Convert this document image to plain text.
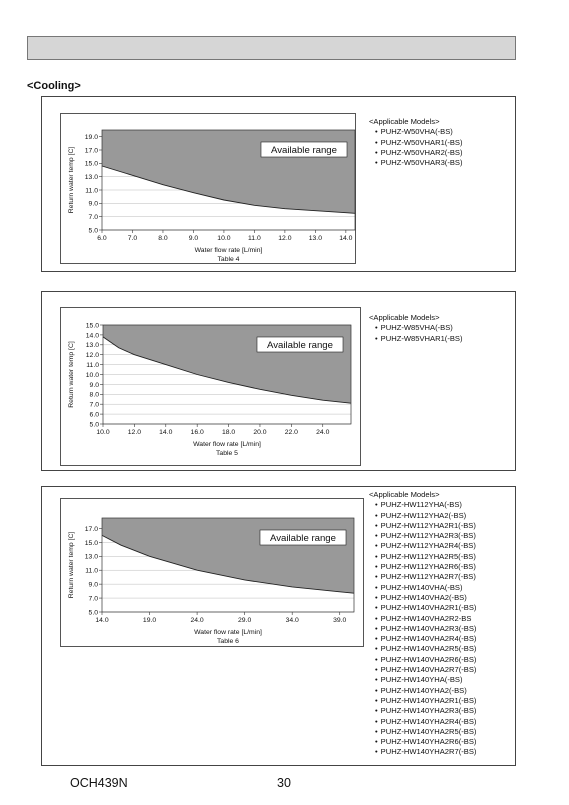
<Cooling>
5.0
7.0
9.0
11.0
13.0
15.0
17.0
19.0
6.0	7.0	8.0	9.0	10.0	11.0	12.0	13.0	14.0
Water flow rate [L/min]
Table 4
Return water temp [C]	Available range
<Applicable Models>
• PUHZ-W50VHA(-BS)
• PUHZ-W50VHAR1(-BS)
• PUHZ-W50VHAR2(-BS)
• PUHZ-W50VHAR3(-BS)
5.0
6.0
7.0
8.0
9.0
10.0
11.0
12.0
13.0
14.0
15.0
10.0	12.0	14.0	16.0	18.0	20.0	22.0	24.0
Water flow rate [L/min]
Table 5
Return water temp [C]	Available range
<Applicable Models>
• PUHZ-W85VHA(-BS)
• PUHZ-W85VHAR1(-BS)
5.0
7.0
9.0
11.0
13.0
15.0
17.0
14.0	19.0	24.0	29.0	34.0	39.0
Water flow rate [L/min]
Table 6
Return water temp [C]	Available range
<Applicable Models>
• PUHZ-HW112YHA(-BS)
• PUHZ-HW112YHA2(-BS)
• PUHZ-HW112YHA2R1(-BS)
• PUHZ-HW112YHA2R3(-BS)
• PUHZ-HW112YHA2R4(-BS)
• PUHZ-HW112YHA2R5(-BS)
• PUHZ-HW112YHA2R6(-BS)
• PUHZ-HW112YHA2R7(-BS)
• PUHZ-HW140VHA(-BS)
• PUHZ-HW140VHA2(-BS)
• PUHZ-HW140VHA2R1(-BS)
• PUHZ-HW140VHA2R2-BS
• PUHZ-HW140VHA2R3(-BS)
• PUHZ-HW140VHA2R4(-BS)
• PUHZ-HW140VHA2R5(-BS)
• PUHZ-HW140VHA2R6(-BS)
• PUHZ-HW140VHA2R7(-BS)
• PUHZ-HW140YHA(-BS)
• PUHZ-HW140YHA2(-BS)
• PUHZ-HW140YHA2R1(-BS)
• PUHZ-HW140YHA2R3(-BS)
• PUHZ-HW140YHA2R4(-BS)
• PUHZ-HW140YHA2R5(-BS)
• PUHZ-HW140YHA2R6(-BS)
• PUHZ-HW140YHA2R7(-BS)
OCH439N	30
